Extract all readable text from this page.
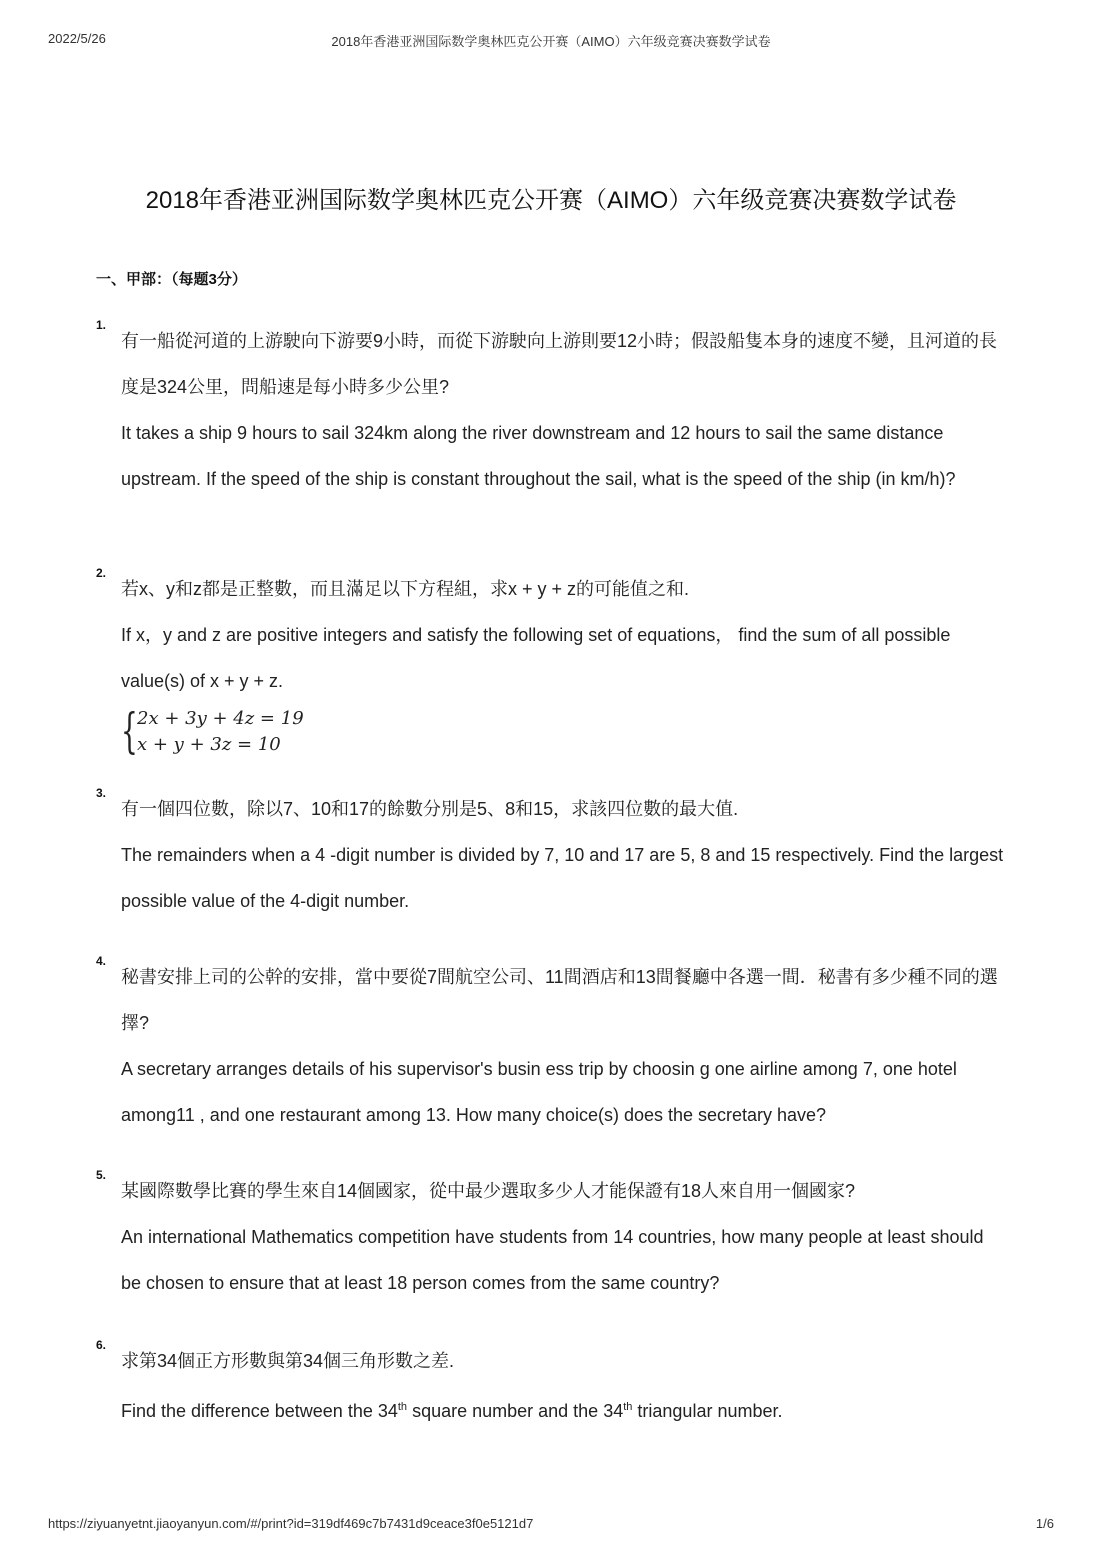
2022/5/26	2018年香港亚洲国际数学奥林匹克公开赛（AIMO）六年级竞赛决赛数学试卷
2018年香港亚洲国际数学奥林匹克公开赛（AIMO）六年级竞赛决赛数学试卷
一、甲部：（每题3分）
1.

有一船從河道的上游駛向下游要9小時，而從下游駛向上游則要12小時；假設船隻本身的速度不變，且河道的長度是324公里，問船速是每小時多少公里?

It takes a ship 9 hours to sail 324km along the river downstream and 12 hours to sail the same distance upstream. If the speed of the ship is constant throughout the sail, what is the speed of the ship (in km/h)?

2.

若x、y和z都是正整數，而且滿足以下方程組，求x + y + z的可能值之和.

If x，y and z are positive integers and satisfy the following set of equations， find the sum of all possible value(s) of x + y + z.

{ 2x + 3y + 4z = 19
x + y + 3z = 10
3.

有一個四位數，除以7、10和17的餘數分別是5、8和15，求該四位數的最大值.

The remainders when a 4 -digit number is divided by 7, 10 and 17 are 5, 8 and 15 respectively. Find the largest possible value of the 4-digit number.

4.

秘書安排上司的公幹的安排，當中要從7間航空公司、11間酒店和13間餐廳中各選一間．秘書有多少種不同的選擇?

A secretary arranges details of his supervisor's busin ess trip by choosin g one airline among 7, one hotel among11 , and one restaurant among 13. How many choice(s) does the secretary have?

5.

某國際數學比賽的學生來自14個國家，從中最少選取多少人才能保證有18人來自用一個國家?

An international Mathematics competition have students from 14 countries, how many people at least should be chosen to ensure that at least 18 person comes from the same country?

6.

求第34個正方形數與第34個三角形數之差.

Find the difference between the 34th square number and the 34th triangular number.

https://ziyuanyetnt.jiaoyanyun.com/#/print?id=319df469c7b7431d9ceace3f0e5121d7	1/6
